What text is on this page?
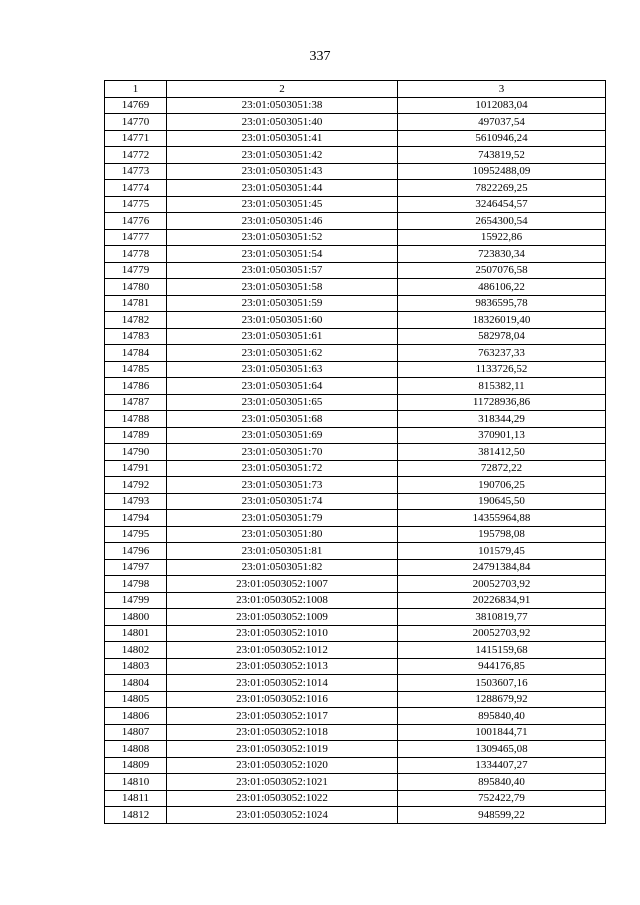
337
1	2	3
14769	23:01:0503051:38	1012083,04
14770	23:01:0503051:40	497037,54
14771	23:01:0503051:41	5610946,24
14772	23:01:0503051:42	743819,52
14773	23:01:0503051:43	10952488,09
14774	23:01:0503051:44	7822269,25
14775	23:01:0503051:45	3246454,57
14776	23:01:0503051:46	2654300,54
14777	23:01:0503051:52	15922,86
14778	23:01:0503051:54	723830,34
14779	23:01:0503051:57	2507076,58
14780	23:01:0503051:58	486106,22
14781	23:01:0503051:59	9836595,78
14782	23:01:0503051:60	18326019,40
14783	23:01:0503051:61	582978,04
14784	23:01:0503051:62	763237,33
14785	23:01:0503051:63	1133726,52
14786	23:01:0503051:64	815382,11
14787	23:01:0503051:65	11728936,86
14788	23:01:0503051:68	318344,29
14789	23:01:0503051:69	370901,13
14790	23:01:0503051:70	381412,50
14791	23:01:0503051:72	72872,22
14792	23:01:0503051:73	190706,25
14793	23:01:0503051:74	190645,50
14794	23:01:0503051:79	14355964,88
14795	23:01:0503051:80	195798,08
14796	23:01:0503051:81	101579,45
14797	23:01:0503051:82	24791384,84
14798	23:01:0503052:1007	20052703,92
14799	23:01:0503052:1008	20226834,91
14800	23:01:0503052:1009	3810819,77
14801	23:01:0503052:1010	20052703,92
14802	23:01:0503052:1012	1415159,68
14803	23:01:0503052:1013	944176,85
14804	23:01:0503052:1014	1503607,16
14805	23:01:0503052:1016	1288679,92
14806	23:01:0503052:1017	895840,40
14807	23:01:0503052:1018	1001844,71
14808	23:01:0503052:1019	1309465,08
14809	23:01:0503052:1020	1334407,27
14810	23:01:0503052:1021	895840,40
14811	23:01:0503052:1022	752422,79
14812	23:01:0503052:1024	948599,22
